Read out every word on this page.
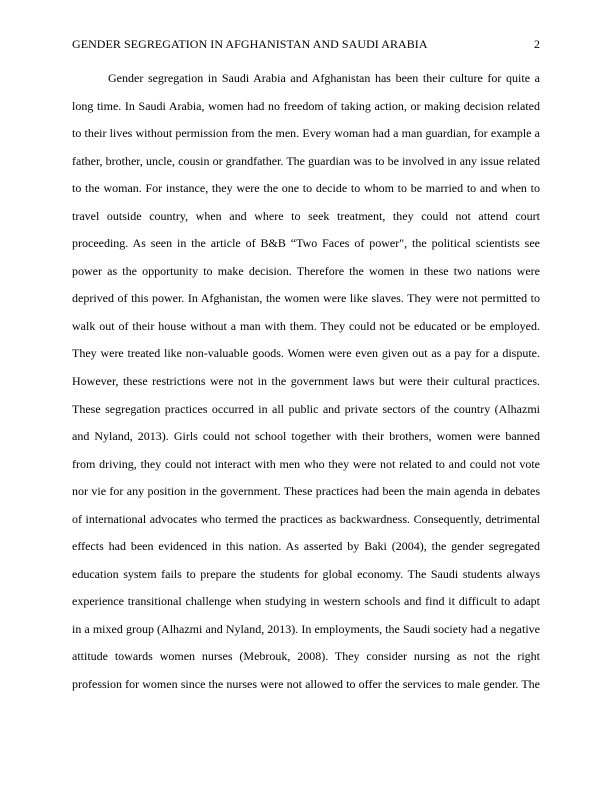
GENDER SEGREGATION IN AFGHANISTAN AND SAUDI ARABIA	2
Gender segregation in Saudi Arabia and Afghanistan has been their culture for quite a
long time. In Saudi Arabia, women had no freedom of taking action, or making decision related
to their lives without permission from the men. Every woman had a man guardian, for example a
father, brother, uncle, cousin or grandfather. The guardian was to be involved in any issue related
to the woman. For instance, they were the one to decide to whom to be married to and when to
travel outside country, when and where to seek treatment, they could not attend court
proceeding. As seen in the article of B&B “Two Faces of power", the political scientists see
power as the opportunity to make decision. Therefore the women in these two nations were
deprived of this power. In Afghanistan, the women were like slaves. They were not permitted to
walk out of their house without a man with them. They could not be educated or be employed.
They were treated like non-valuable goods. Women were even given out as a pay for a dispute.
However, these restrictions were not in the government laws but were their cultural practices.
These segregation practices occurred in all public and private sectors of the country (Alhazmi
and Nyland, 2013). Girls could not school together with their brothers, women were banned
from driving, they could not interact with men who they were not related to and could not vote
nor vie for any position in the government. These practices had been the main agenda in debates
of international advocates who termed the practices as backwardness. Consequently, detrimental
effects had been evidenced in this nation. As asserted by Baki (2004), the gender segregated
education system fails to prepare the students for global economy. The Saudi students always
experience transitional challenge when studying in western schools and find it difficult to adapt
in a mixed group (Alhazmi and Nyland, 2013). In employments, the Saudi society had a negative
attitude towards women nurses (Mebrouk, 2008). They consider nursing as not the right
profession for women since the nurses were not allowed to offer the services to male gender. The
